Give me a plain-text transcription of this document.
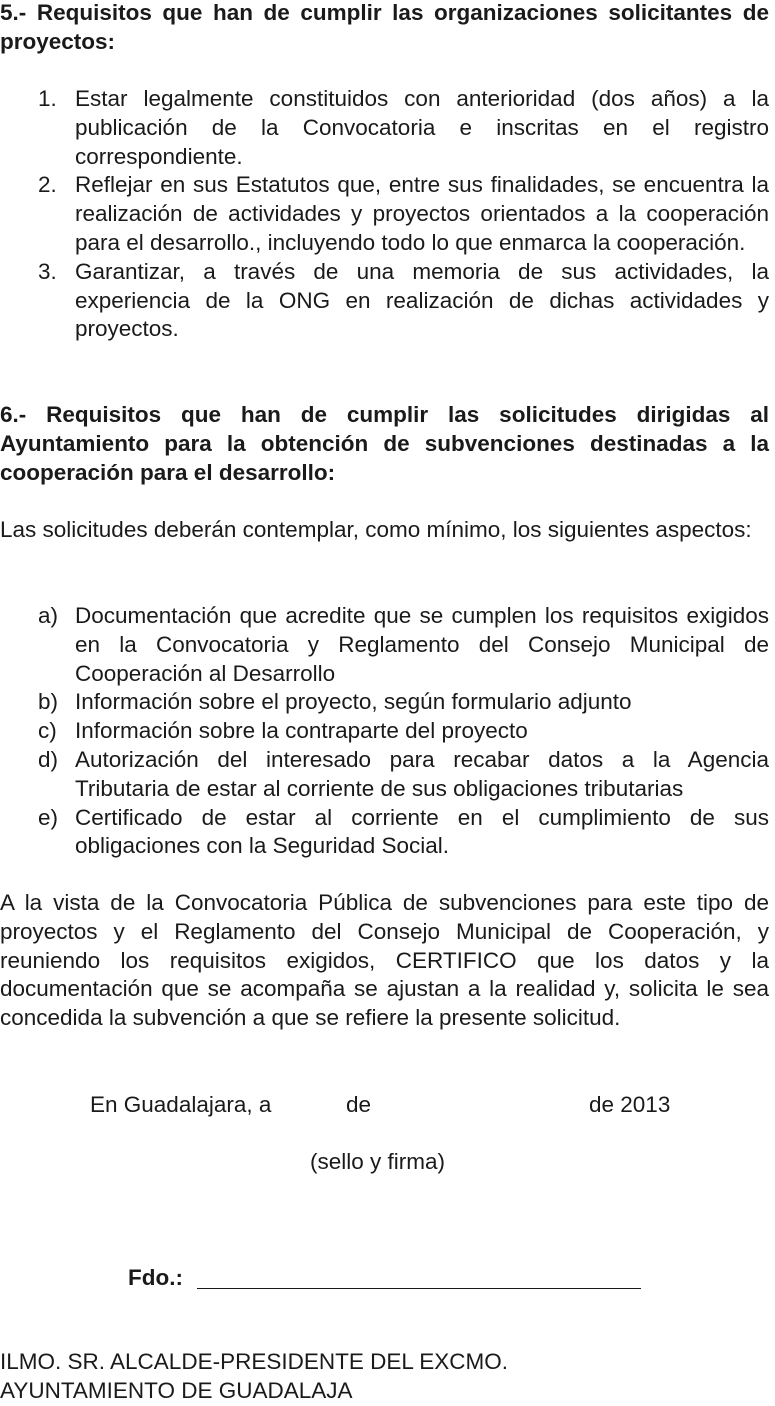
5.- Requisitos que han de cumplir las organizaciones solicitantes de proyectos:

1. Estar legalmente constituidos con anterioridad (dos años) a la publicación de la Convocatoria e inscritas en el registro correspondiente.
2. Reflejar en sus Estatutos que, entre sus finalidades, se encuentra la realización de actividades y proyectos orientados a la cooperación para el desarrollo., incluyendo todo lo que enmarca la cooperación.
3. Garantizar, a través de una memoria de sus actividades, la experiencia de la ONG en realización de dichas actividades y proyectos.

6.- Requisitos que han de cumplir las solicitudes dirigidas al Ayuntamiento para la obtención de subvenciones destinadas a la cooperación para el desarrollo:

Las solicitudes deberán contemplar, como mínimo, los siguientes aspectos:

a) Documentación que acredite que se cumplen los requisitos exigidos en la Convocatoria y Reglamento del Consejo Municipal de Cooperación al Desarrollo
b) Información sobre el proyecto, según formulario adjunto
c) Información sobre la contraparte del proyecto
d) Autorización del interesado para recabar datos a la Agencia Tributaria de estar al corriente de sus obligaciones tributarias
e) Certificado de estar al corriente en el cumplimiento de sus obligaciones con la Seguridad Social.

A la vista de la Convocatoria Pública de subvenciones para este tipo de proyectos y el Reglamento del Consejo Municipal de Cooperación, y reuniendo los requisitos exigidos, CERTIFICO que los datos y la documentación que se acompaña se ajustan a la realidad y, solicita le sea concedida la subvención a que se refiere la presente solicitud.

En Guadalajara, a	de	de 2013
(sello y firma)
Fdo.:
ILMO. SR. ALCALDE-PRESIDENTE DEL EXCMO.
AYUNTAMIENTO DE GUADALAJA
